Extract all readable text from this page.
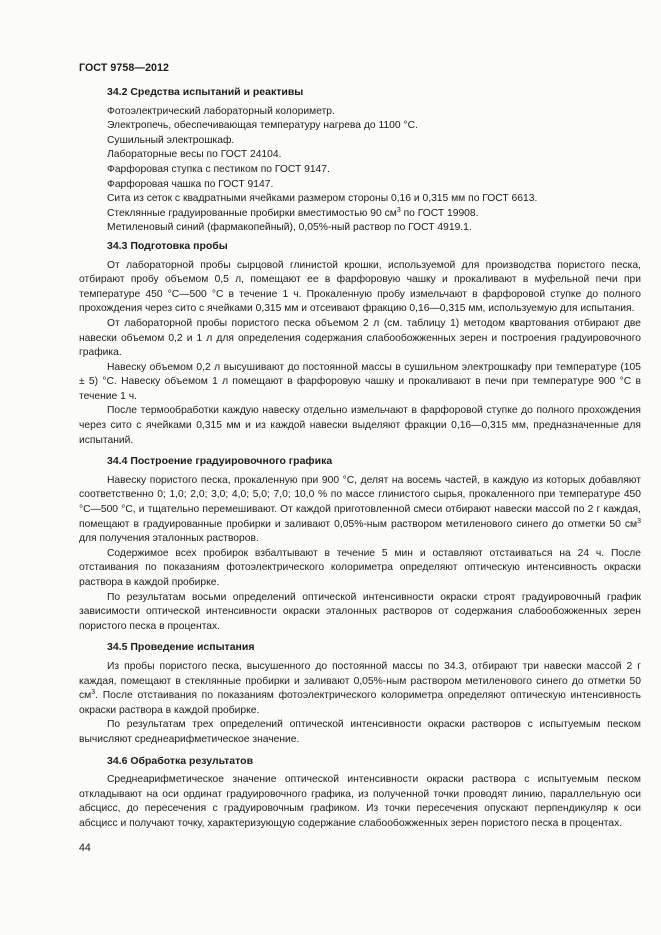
ГОСТ 9758—2012
34.2 Средства испытаний и реактивы
Фотоэлектрический лабораторный колориметр.
Электропечь, обеспечивающая температуру нагрева до 1100 °С.
Сушильный электрошкаф.
Лабораторные весы по ГОСТ 24104.
Фарфоровая ступка с пестиком по ГОСТ 9147.
Фарфоровая чашка по ГОСТ 9147.
Сита из сеток с квадратными ячейками размером стороны 0,16 и 0,315 мм по ГОСТ 6613.
Стеклянные градуированные пробирки вместимостью 90 $см^3$ по ГОСТ 19908.
Метиленовый синий (фармакопейный), 0,05%-ный раствор по ГОСТ 4919.1.
34.3 Подготовка пробы

От лабораторной пробы сырцовой глинистой крошки, используемой для производства пористого песка, отбирают пробу объемом 0,5 л, помещают ее в фарфоровую чашку и прокаливают в муфельной печи при температуре 450 °С—500 °С в течение 1 ч. Прокаленную пробу измельчают в фарфоровой ступке до полного прохождения через сито с ячейками 0,315 мм и отсеивают фракцию 0,16—0,315 мм, используемую для испытания.

От лабораторной пробы пористого песка объемом 2 л (см. таблицу 1) методом квартования отбирают две навески объемом 0,2 и 1 л для определения содержания слабообожженных зерен и построения градуировочного графика.

Навеску объемом 0,2 л высушивают до постоянной массы в сушильном электрошкафу при температуре (105 ± 5) °С. Навеску объемом 1 л помещают в фарфоровую чашку и прокаливают в печи при температуре 900 °С в течение 1 ч.

После термообработки каждую навеску отдельно измельчают в фарфоровой ступке до полного прохождения через сито с ячейками 0,315 мм и из каждой навески выделяют фракции 0,16—0,315 мм, предназначенные для испытаний.

34.4 Построение градуировочного графика

Навеску пористого песка, прокаленную при 900 °С, делят на восемь частей, в каждую из которых добавляют соответственно 0; 1,0; 2,0; 3,0; 4,0; 5,0; 7,0; 10,0 % по массе глинистого сырья, прокаленного при температуре 450 °С—500 °С, и тщательно перемешивают. От каждой приготовленной смеси отбирают навески массой по 2 г каждая, помещают в градуированные пробирки и заливают 0,05%-ным раствором метиленового синего до отметки 50 $см^3$ для получения эталонных растворов.

Содержимое всех пробирок взбалтывают в течение 5 мин и оставляют отстаиваться на 24 ч. После отстаивания по показаниям фотоэлектрического колориметра определяют оптическую интенсивность окраски раствора в каждой пробирке.

По результатам восьми определений оптической интенсивности окраски строят градуировочный график зависимости оптической интенсивности окраски эталонных растворов от содержания слабообожженных зерен пористого песка в процентах.

34.5 Проведение испытания

Из пробы пористого песка, высушенного до постоянной массы по 34.3, отбирают три навески массой 2 г каждая, помещают в стеклянные пробирки и заливают 0,05%-ным раствором метиленового синего до отметки 50 $см^3$. После отстаивания по показаниям фотоэлектрического колориметра определяют оптическую интенсивность окраски раствора в каждой пробирке.

По результатам трех определений оптической интенсивности окраски растворов с испытуемым песком вычисляют среднеарифметическое значение.

34.6 Обработка результатов

Среднеарифметическое значение оптической интенсивности окраски раствора с испытуемым песком откладывают на оси ординат градуировочного графика, из полученной точки проводят линию, параллельную оси абсцисс, до пересечения с градуировочным графиком. Из точки пересечения опускают перпендикуляр к оси абсцисс и получают точку, характеризующую содержание слабообожженных зерен пористого песка в процентах.

44
